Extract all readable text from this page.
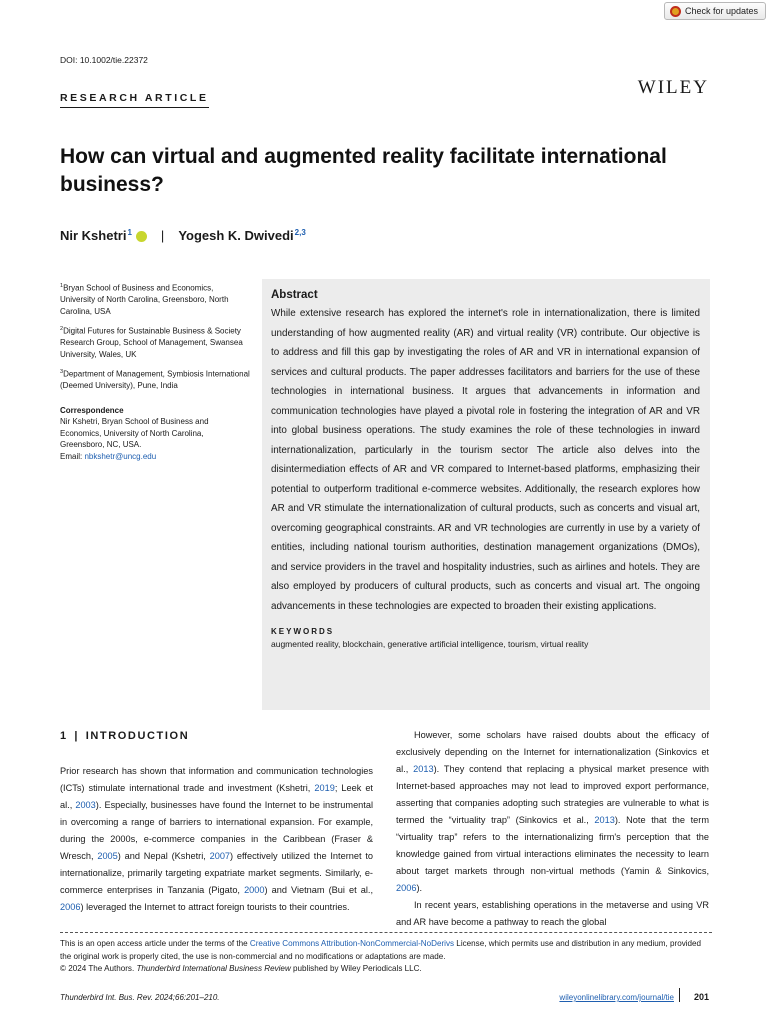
Check for updates
DOI: 10.1002/tie.22372
WILEY
RESEARCH ARTICLE
How can virtual and augmented reality facilitate international business?
Nir Kshetri$^1$ | Yogesh K. Dwivedi$^{2,3}$

$^1$Bryan School of Business and Economics, University of North Carolina, Greensboro, North Carolina, USA

$^2$Digital Futures for Sustainable Business & Society Research Group, School of Management, Swansea University, Wales, UK

$^3$Department of Management, Symbiosis International (Deemed University), Pune, India

Correspondence

Nir Kshetri, Bryan School of Business and Economics, University of North Carolina, Greensboro, NC, USA.
Email: nbkshetr@uncg.edu

Abstract
While extensive research has explored the internet's role in internationalization, there is limited understanding of how augmented reality (AR) and virtual reality (VR) contribute. Our objective is to address and fill this gap by investigating the roles of AR and VR in international expansion of services and cultural products. The paper addresses facilitators and barriers for the use of these technologies in international business. It argues that advancements in information and communication technologies have played a pivotal role in fostering the integration of AR and VR into global business operations. The study examines the role of these technologies in inward internationalization, particularly in the tourism sector The article also delves into the disintermediation effects of AR and VR compared to Internet-based platforms, emphasizing their potential to outperform traditional e-commerce websites. Additionally, the research explores how AR and VR stimulate the internationalization of cultural products, such as concerts and visual art, overcoming geographical constraints. AR and VR technologies are currently in use by a variety of entities, including national tourism authorities, destination management organizations (DMOs), and service providers in the travel and hospitality industries, such as airlines and hotels. They are also employed by producers of cultural products, such as concerts and visual art. The ongoing advancements in these technologies are expected to broaden their existing applications.
KEYWORDS
augmented reality, blockchain, generative artificial intelligence, tourism, virtual reality
1 | INTRODUCTION

Prior research has shown that information and communication technologies (ICTs) stimulate international trade and investment (Kshetri, 2019; Leek et al., 2003). Especially, businesses have found the Internet to be instrumental in overcoming a range of barriers to international expansion. For example, during the 2000s, e-commerce companies in the Caribbean (Fraser & Wresch, 2005) and Nepal (Kshetri, 2007) effectively utilized the Internet to internationalize, primarily targeting expatriate market segments. Similarly, e-commerce enterprises in Tanzania (Pigato, 2000) and Vietnam (Bui et al., 2006) leveraged the Internet to attract foreign tourists to their countries.

However, some scholars have raised doubts about the efficacy of exclusively depending on the Internet for internationalization (Sinkovics et al., 2013). They contend that replacing a physical market presence with Internet-based approaches may not lead to improved export performance, asserting that companies adopting such strategies are vulnerable to what is termed the “virtuality trap” (Sinkovics et al., 2013). Note that the term “virtuality trap” refers to the internationalizing firm's perception that the knowledge gained from virtual interactions eliminates the necessity to learn about target markets through non-virtual methods (Yamin & Sinkovics, 2006).

In recent years, establishing operations in the metaverse and using VR and AR have become a pathway to reach the global

This is an open access article under the terms of the Creative Commons Attribution-NonCommercial-NoDerivs License, which permits use and distribution in any medium, provided the original work is properly cited, the use is non-commercial and no modifications or adaptations are made.
© 2024 The Authors. Thunderbird International Business Review published by Wiley Periodicals LLC.
Thunderbird Int. Bus. Rev. 2024;66:201–210.	wileyonlinelibrary.com/journal/tie 201
